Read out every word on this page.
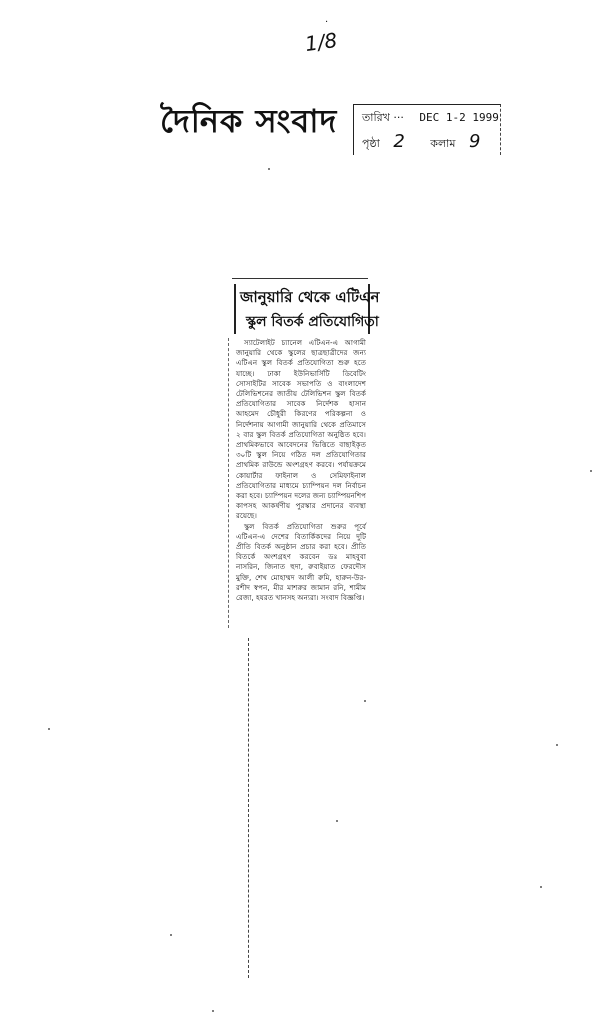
.
1/8
দৈনিক সংবাদ তারিখ ··· DEC 1-2 1999
পৃষ্ঠা 2 কলাম 9
জানুয়ারি থেকে এটিএন
স্কুল বিতর্ক প্রতিযোগিতা

স্যাটেলাইট চ্যানেল এটিএন-এ আগামী জানুয়ারি থেকে স্কুলের ছাত্রছাত্রীদের জন্য এটিএন স্কুল বিতর্ক প্রতিযোগিতা শুরু হতে যাচ্ছে। ঢাকা ইউনিভার্সিটি ডিবেটিং সোসাইটির সাবেক সভাপতি ও বাংলাদেশ টেলিভিশনের জাতীয় টেলিভিশন স্কুল বিতর্ক প্রতিযোগিতার সাবেক নির্দেশক হাসান আহমেদ চৌধুরী কিরণের পরিকল্পনা ও নির্দেশনায় আগামী জানুয়ারি থেকে প্রতিমাসে ২ বার স্কুল বিতর্ক প্রতিযোগিতা অনুষ্ঠিত হবে। প্রাথমিকভাবে আবেদনের ভিত্তিতে বাছাইকৃত ৩০টি স্কুল নিয়ে গঠিত দল প্রতিযোগিতার প্রাথমিক রাউন্ডে অংশগ্রহণ করবে। পর্যায়ক্রমে কোয়ার্টার ফাইনাল ও সেমিফাইনাল প্রতিযোগিতার মাধ্যমে চ্যাম্পিয়ন দল নির্বাচন করা হবে। চ্যাম্পিয়ন দলের জন্য চ্যাম্পিয়নশিপ কাপসহ আকর্ষণীয় পুরস্কার প্রদানের ব্যবস্থা রয়েছে।

স্কুল বিতর্ক প্রতিযোগিতা শুরুর পূর্বে এটিএন-এ দেশের বিতার্কিকদের নিয়ে দুটি প্রীতি বিতর্ক অনুষ্ঠান প্রচার করা হবে। প্রীতি বিতর্কে অংশগ্রহণ করবেন ডঃ মাহবুবা নাসরিন, জিনাত হুদা, রুবাইয়াত ফেরদৌস মুক্তি, শেখ মোহাম্মদ আলী রুমি, হারুন-উর-রশীদ স্বপন, মীর মাশরুর জামান রনি, শামীম রেজা, হযরত খানসহ অন্যরা। সংবাদ বিজ্ঞপ্তি।
